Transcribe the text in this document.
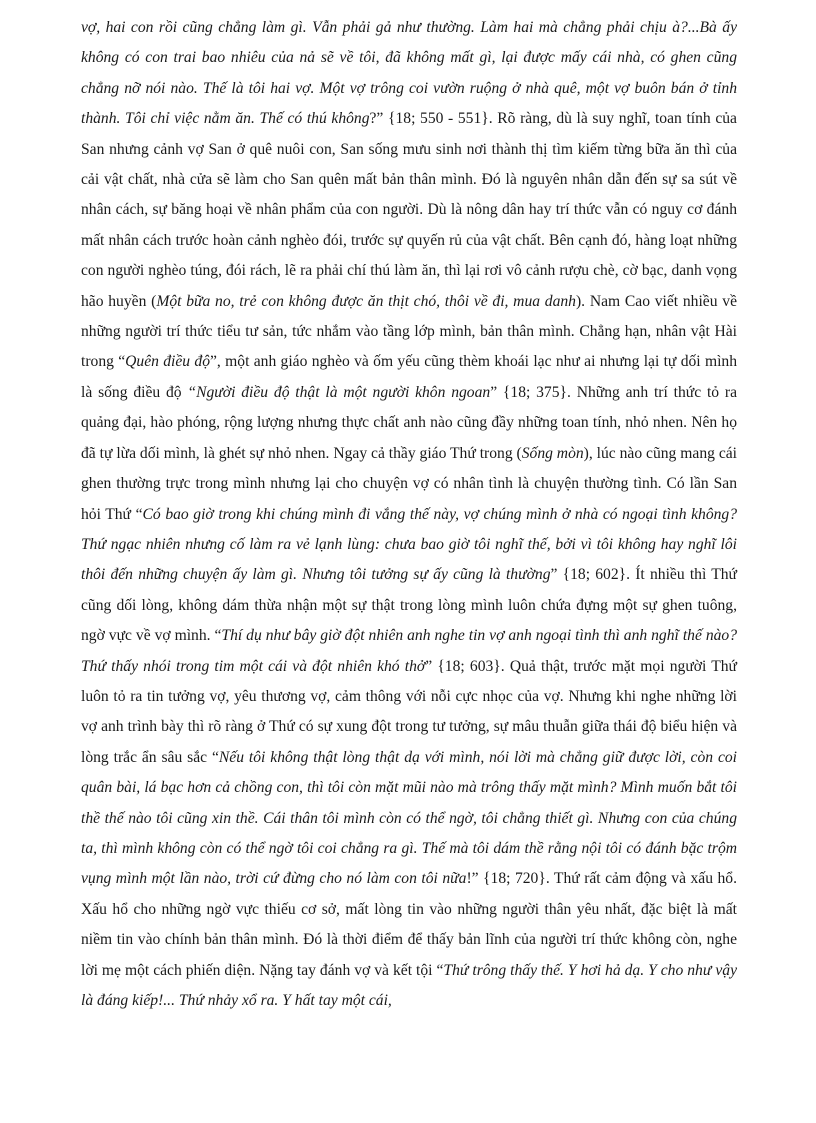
vợ, hai con rồi cũng chẳng làm gì. Vẫn phải gả như thường. Làm hai mà chẳng phải chịu à?...Bà ấy không có con trai bao nhiêu của nả sẽ về tôi, đã không mất gì, lại được mấy cái nhà, có ghen cũng chẳng nỡ nói nào. Thế là tôi hai vợ. Một vợ trông coi vườn ruộng ở nhà quê, một vợ buôn bán ở tỉnh thành. Tôi chỉ việc nằm ăn. Thế có thú không?” {18; 550 - 551}. Rõ ràng, dù là suy nghĩ, toan tính của San nhưng cảnh vợ San ở quê nuôi con, San sống mưu sinh nơi thành thị tìm kiếm từng bữa ăn thì của cải vật chất, nhà cửa sẽ làm cho San quên mất bản thân mình. Đó là nguyên nhân dẫn đến sự sa sút về nhân cách, sự băng hoại về nhân phẩm của con người. Dù là nông dân hay trí thức vẫn có nguy cơ đánh mất nhân cách trước hoàn cảnh nghèo đói, trước sự quyến rủ của vật chất. Bên cạnh đó, hàng loạt những con người nghèo túng, đói rách, lẽ ra phải chí thú làm ăn, thì lại rơi vô cảnh rượu chè, cờ bạc, danh vọng hão huyền (Một bữa no, trẻ con không được ăn thịt chó, thôi về đi, mua danh). Nam Cao viết nhiều về những người trí thức tiểu tư sản, tức nhắm vào tầng lớp mình, bản thân mình. Chẳng hạn, nhân vật Hài trong “Quên điều độ”, một anh giáo nghèo và ốm yếu cũng thèm khoái lạc như ai nhưng lại tự dối mình là sống điều độ “Người điều độ thật là một người khôn ngoan” {18; 375}. Những anh trí thức tỏ ra quảng đại, hào phóng, rộng lượng nhưng thực chất anh nào cũng đầy những toan tính, nhỏ nhen. Nên họ đã tự lừa dối mình, là ghét sự nhỏ nhen. Ngay cả thầy giáo Thứ trong (Sống mòn), lúc nào cũng mang cái ghen thường trực trong mình nhưng lại cho chuyện vợ có nhân tình là chuyện thường tình. Có lần San hỏi Thứ “Có bao giờ trong khi chúng mình đi vắng thế này, vợ chúng mình ở nhà có ngoại tình không? Thứ ngạc nhiên nhưng cố làm ra vẻ lạnh lùng: chưa bao giờ tôi nghĩ thế, bởi vì tôi không hay nghĩ lôi thôi đến những chuyện ấy làm gì. Nhưng tôi tưởng sự ấy cũng là thường” {18; 602}. Ít nhiều thì Thứ cũng dối lòng, không dám thừa nhận một sự thật trong lòng mình luôn chứa đựng một sự ghen tuông, ngờ vực về vợ mình. “Thí dụ như bây giờ đột nhiên anh nghe tin vợ anh ngoại tình thì anh nghĩ thế nào? Thứ thấy nhói trong tim một cái và đột nhiên khó thở” {18; 603}. Quả thật, trước mặt mọi người Thứ luôn tỏ ra tin tưởng vợ, yêu thương vợ, cảm thông với nỗi cực nhọc của vợ. Nhưng khi nghe những lời vợ anh trình bày thì rõ ràng ở Thứ có sự xung đột trong tư tưởng, sự mâu thuẫn giữa thái độ biểu hiện và lòng trắc ẩn sâu sắc “Nếu tôi không thật lòng thật dạ với mình, nói lời mà chẳng giữ được lời, còn coi quân bài, lá bạc hơn cả chồng con, thì tôi còn mặt mũi nào mà trông thấy mặt mình? Mình muốn bắt tôi thề thế nào tôi cũng xin thề. Cái thân tôi mình còn có thể ngờ, tôi chẳng thiết gì. Nhưng con của chúng ta, thì mình không còn có thể ngờ tôi coi chẳng ra gì. Thế mà tôi dám thề rằng nội tôi có đánh bặc trộm vụng mình một lần nào, trời cứ đừng cho nó làm con tôi nữa!” {18; 720}. Thứ rất cảm động và xấu hổ. Xấu hổ cho những ngờ vực thiếu cơ sở, mất lòng tin vào những người thân yêu nhất, đặc biệt là mất niềm tin vào chính bản thân mình. Đó là thời điểm để thấy bản lĩnh của người trí thức không còn, nghe lời mẹ một cách phiến diện. Nặng tay đánh vợ và kết tội “Thứ trông thấy thế. Y hơi hả dạ. Y cho như vậy là đáng kiếp!... Thứ nhảy xổ ra. Y hất tay một cái,
